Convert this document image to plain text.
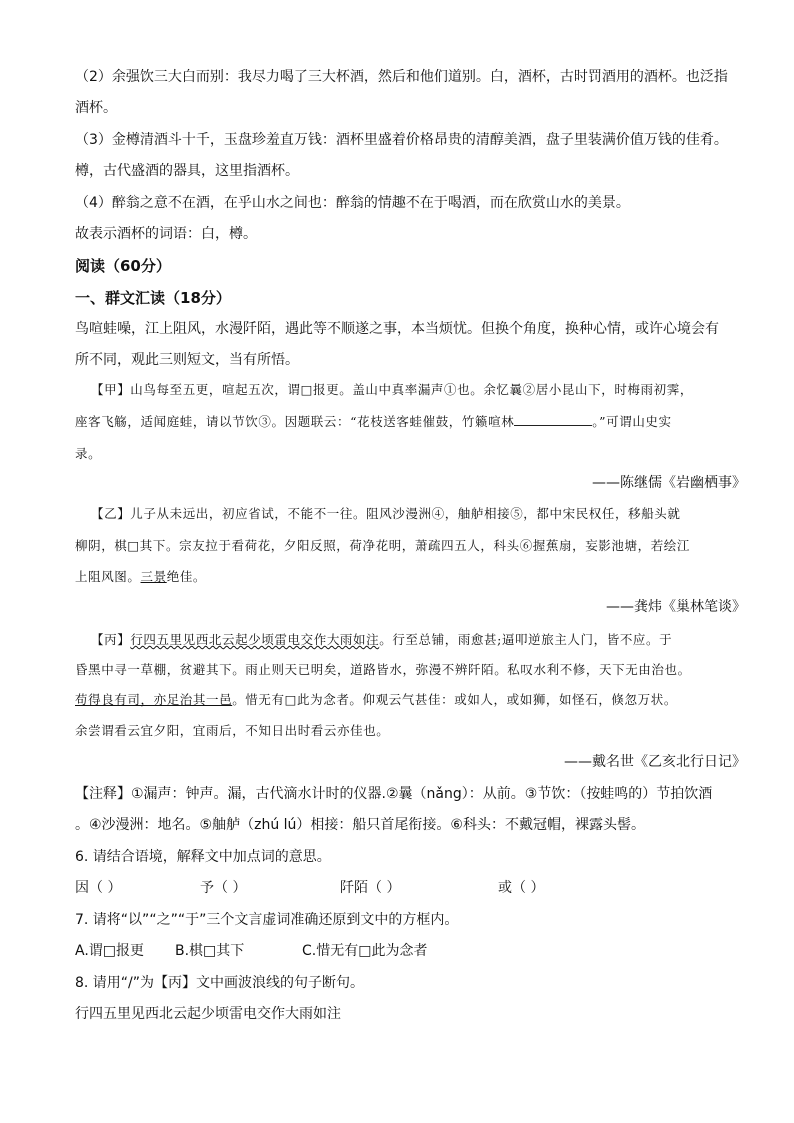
（2）余强饮三大白而别：我尽力喝了三大杯酒，然后和他们道别。白，酒杯，古时罚酒用的酒杯。也泛指
酒杯。
（3）金樽清酒斗十千，玉盘珍羞直万钱：酒杯里盛着价格昂贵的清醇美酒，盘子里装满价值万钱的佳肴。
樽，古代盛酒的器具，这里指酒杯。
（4）醉翁之意不在酒，在乎山水之间也：醉翁的情趣不在于喝酒，而在欣赏山水的美景。
故表示酒杯的词语：白，樽。
阅读（60分）
一、群文汇读（18分）
鸟喧蛙噪，江上阻风，水漫阡陌，遇此等不顺遂之事，本当烦忧。但换个角度，换种心情，或许心境会有
所不同，观此三则短文，当有所悟。
【甲】山鸟每至五更，喧起五次，谓□报更。盖山中真率漏声①也。余忆曩②居小昆山下，时梅雨初霁，
座客飞觞，适闻庭蛙，请以节饮③。因题联云：“花枝送客蛙催鼓，竹籁喧林	。”可谓山史实
录。
——陈继儒《岩幽栖事》
【乙】儿子从未远出，初应省试，不能不一往。阻风沙漫洲④，舳舻相接⑤，都中宋民权任，移船头就
柳阴，棋□其下。宗友拉于看荷花，夕阳反照，荷净花明，萧疏四五人，科头⑥握蕉扇，妄影池塘，若绘江
上阻风图。三景绝佳。
——龚炜《巢林笔谈》
【丙】行四五里见西北云起少顷雷电交作大雨如注。行至总铺，雨愈甚;逼叩逆旅主人门，皆不应。于
昏黑中寻一草棚，贫避其下。雨止则天已明矣，道路皆水，弥漫不辨阡陌。私叹水利不修，天下无由治也。
苟得良有司，亦足治其一邑。惜无有□此为念者。仰观云气甚佳：或如人，或如狮，如怪石，倏忽万状。
余尝谓看云宜夕阳，宜雨后，不知日出时看云亦佳也。
——戴名世《乙亥北行日记》
【注释】①漏声：钟声。漏，古代滴水计时的仪器.②曩（nǎng）：从前。③节饮：（按蛙鸣的）节拍饮酒
。④沙漫洲：地名。⑤舳舻（zhú lú）相接：船只首尾衔接。⑥科头：不戴冠帽，裸露头髻。
6. 请结合语境，解释文中加点词的意思。
因（ ）	予（ ）	阡陌（ ）	或（ ）
7. 请将“以”“之”“于”三个文言虚词准确还原到文中的方框内。
A.谓□报更 B.棋□其下	C.惜无有□此为念者
8. 请用“/”为【丙】文中画波浪线的句子断句。
行四五里见西北云起少顷雷电交作大雨如注
